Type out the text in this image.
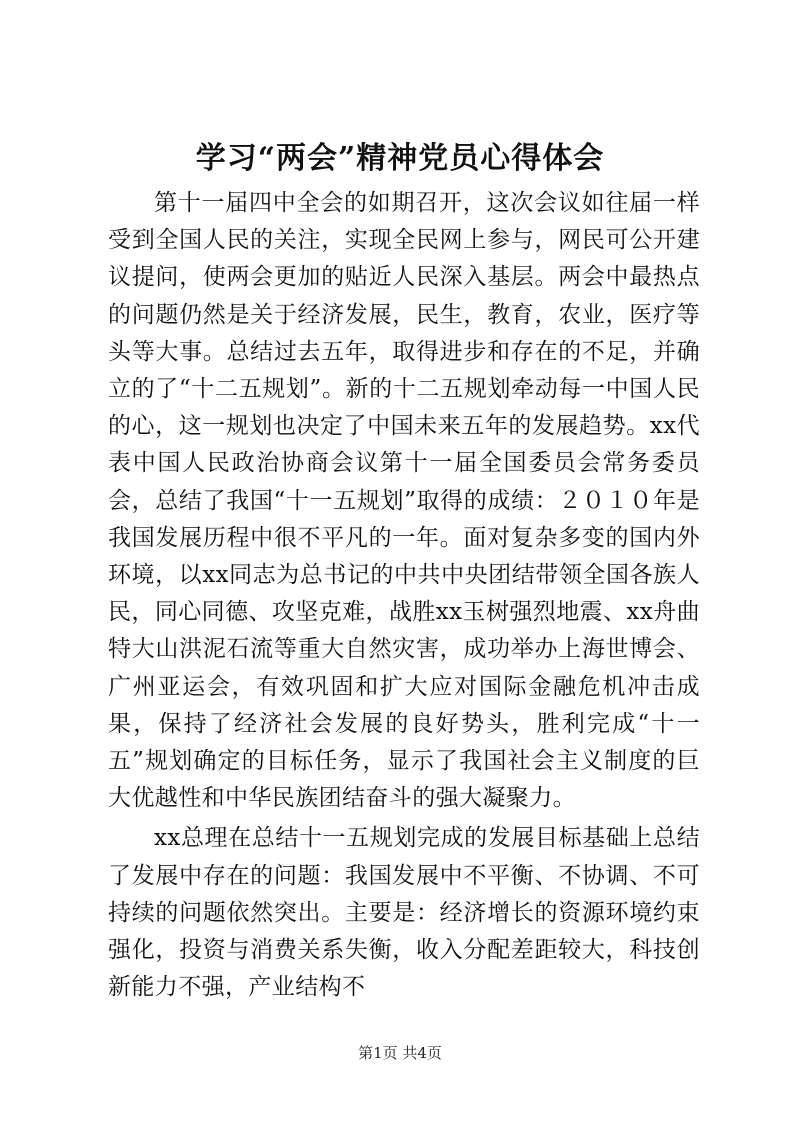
学习“两会”精神党员心得体会

第十一届四中全会的如期召开，这次会议如往届一样受到全国人民的关注，实现全民网上参与，网民可公开建议提问，使两会更加的贴近人民深入基层。两会中最热点的问题仍然是关于经济发展，民生，教育，农业，医疗等头等大事。总结过去五年，取得进步和存在的不足，并确立的了“十二五规划”。新的十二五规划牵动每一中国人民的心，这一规划也决定了中国未来五年的发展趋势。xx代表中国人民政治协商会议第十一届全国委员会常务委员会，总结了我国“十一五规划”取得的成绩：２０１０年是我国发展历程中很不平凡的一年。面对复杂多变的国内外环境，以xx同志为总书记的中共中央团结带领全国各族人民，同心同德、攻坚克难，战胜xx玉树强烈地震、xx舟曲特大山洪泥石流等重大自然灾害，成功举办上海世博会、广州亚运会，有效巩固和扩大应对国际金融危机冲击成果，保持了经济社会发展的良好势头，胜利完成“十一五”规划确定的目标任务，显示了我国社会主义制度的巨大优越性和中华民族团结奋斗的强大凝聚力。

xx总理在总结十一五规划完成的发展目标基础上总结了发展中存在的问题：我国发展中不平衡、不协调、不可持续的问题依然突出。主要是：经济增长的资源环境约束强化，投资与消费关系失衡，收入分配差距较大，科技创新能力不强，产业结构不

第1页 共4页
